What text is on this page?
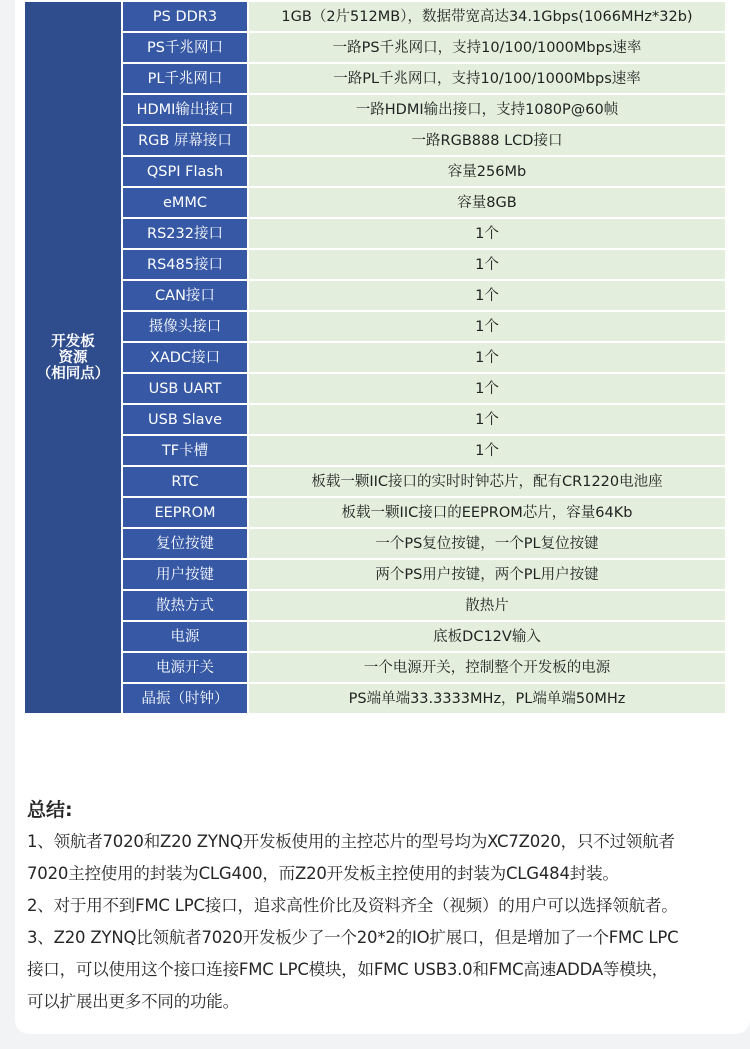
开发板
资源
（相同点）	PS DDR3	1GB（2片512MB），数据带宽高达34.1Gbps(1066MHz*32b)
	PS千兆网口	一路PS千兆网口，支持10/100/1000Mbps速率
	PL千兆网口	一路PL千兆网口，支持10/100/1000Mbps速率
	HDMI输出接口	一路HDMI输出接口，支持1080P@60帧
	RGB 屏幕接口	一路RGB888 LCD接口
	QSPI Flash	容量256Mb
	eMMC	容量8GB
	RS232接口	1个
	RS485接口	1个
	CAN接口	1个
	摄像头接口	1个
	XADC接口	1个
	USB UART	1个
	USB Slave	1个
	TF卡槽	1个
	RTC	板载一颗IIC接口的实时时钟芯片，配有CR1220电池座
	EEPROM	板载一颗IIC接口的EEPROM芯片，容量64Kb
	复位按键	一个PS复位按键，一个PL复位按键
	用户按键	两个PS用户按键，两个PL用户按键
	散热方式	散热片
	电源	底板DC12V输入
	电源开关	一个电源开关，控制整个开发板的电源
	晶振（时钟）	PS端单端33.3333MHz，PL端单端50MHz
总结:

1、领航者7020和Z20 ZYNQ开发板使用的主控芯片的型号均为XC7Z020，只不过领航者

7020主控使用的封装为CLG400，而Z20开发板主控使用的封装为CLG484封装。

2、对于用不到FMC LPC接口，追求高性价比及资料齐全（视频）的用户可以选择领航者。

3、Z20 ZYNQ比领航者7020开发板少了一个20*2的IO扩展口，但是增加了一个FMC LPC

接口，可以使用这个接口连接FMC LPC模块，如FMC USB3.0和FMC高速ADDA等模块，

可以扩展出更多不同的功能。
